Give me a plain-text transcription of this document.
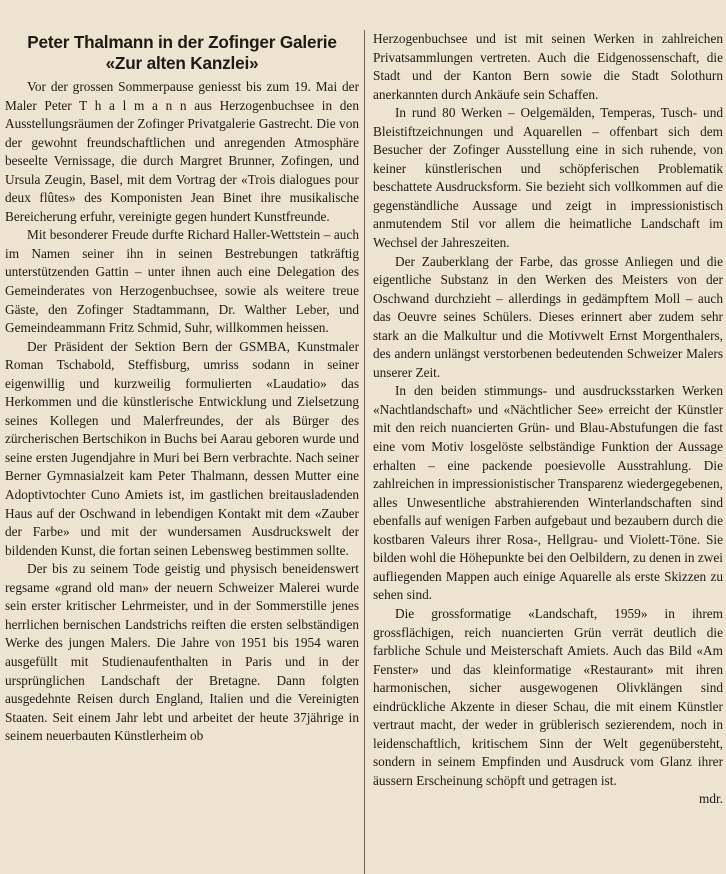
Peter Thalmann in der Zofinger Galerie
«Zur alten Kanzlei»

Vor der grossen Sommerpause geniesst bis zum 19. Mai der Maler Peter T h a l m a n n aus Herzogenbuchsee in den Ausstellungsräumen der Zofinger Privatgalerie Gastrecht. Die von der gewohnt freundschaftlichen und anregenden Atmosphäre beseelte Vernissage, die durch Margret Brunner, Zofingen, und Ursula Zeugin, Basel, mit dem Vortrag der «Trois dialogues pour deux flûtes» des Komponisten Jean Binet ihre musikalische Bereicherung erfuhr, vereinigte gegen hundert Kunstfreunde.

Mit besonderer Freude durfte Richard Haller-Wettstein – auch im Namen seiner ihn in seinen Bestrebungen tatkräftig unterstützenden Gattin – unter ihnen auch eine Delegation des Gemeinderates von Herzogenbuchsee, sowie als weitere treue Gäste, den Zofinger Stadtammann, Dr. Walther Leber, und Gemeindeammann Fritz Schmid, Suhr, willkommen heissen.

Der Präsident der Sektion Bern der GSMBA, Kunstmaler Roman Tschabold, Steffisburg, umriss sodann in seiner eigenwillig und kurzweilig formulierten «Laudatio» das Herkommen und die künstlerische Entwicklung und Zielsetzung seines Kollegen und Malerfreundes, der als Bürger des zürcherischen Bertschikon in Buchs bei Aarau geboren wurde und seine ersten Jugendjahre in Muri bei Bern verbrachte. Nach seiner Berner Gymnasialzeit kam Peter Thalmann, dessen Mutter eine Adoptivtochter Cuno Amiets ist, im gastlichen breitausladenden Haus auf der Oschwand in lebendigen Kontakt mit dem «Zauber der Farbe» und mit der wundersamen Ausdruckswelt der bildenden Kunst, die fortan seinen Lebensweg bestimmen sollte.

Der bis zu seinem Tode geistig und physisch beneidenswert regsame «grand old man» der neuern Schweizer Malerei wurde sein erster kritischer Lehrmeister, und in der Sommerstille jenes herrlichen bernischen Landstrichs reiften die ersten selbständigen Werke des jungen Malers. Die Jahre von 1951 bis 1954 waren ausgefüllt mit Studienaufenthalten in Paris und in der ursprünglichen Landschaft der Bretagne. Dann folgten ausgedehnte Reisen durch England, Italien und die Vereinigten Staaten. Seit einem Jahr lebt und arbeitet der heute 37jährige in seinem neuerbauten Künstlerheim ob

Herzogenbuchsee und ist mit seinen Werken in zahlreichen Privatsammlungen vertreten. Auch die Eidgenossenschaft, die Stadt und der Kanton Bern sowie die Stadt Solothurn anerkannten durch Ankäufe sein Schaffen.

In rund 80 Werken – Oelgemälden, Temperas, Tusch- und Bleistiftzeichnungen und Aquarellen – offenbart sich dem Besucher der Zofinger Ausstellung eine in sich ruhende, von keiner künstlerischen und schöpferischen Problematik beschattete Ausdrucksform. Sie bezieht sich vollkommen auf die gegenständliche Aussage und zeigt in impressionistisch anmutendem Stil vor allem die heimatliche Landschaft im Wechsel der Jahreszeiten.

Der Zauberklang der Farbe, das grosse Anliegen und die eigentliche Substanz in den Werken des Meisters von der Oschwand durchzieht – allerdings in gedämpftem Moll – auch das Oeuvre seines Schülers. Dieses erinnert aber zudem sehr stark an die Malkultur und die Motivwelt Ernst Morgenthalers, des andern unlängst verstorbenen bedeutenden Schweizer Malers unserer Zeit.

In den beiden stimmungs- und ausdrucksstarken Werken «Nachtlandschaft» und «Nächtlicher See» erreicht der Künstler mit den reich nuancierten Grün- und Blau-Abstufungen die fast eine vom Motiv losgelöste selbständige Funktion der Aussage erhalten – eine packende poesievolle Ausstrahlung. Die zahlreichen in impressionistischer Transparenz wiedergegebenen, alles Unwesentliche abstrahierenden Winterlandschaften sind ebenfalls auf wenigen Farben aufgebaut und bezaubern durch die kostbaren Valeurs ihrer Rosa-, Hellgrau- und Violett-Töne. Sie bilden wohl die Höhepunkte bei den Oelbildern, zu denen in zwei aufliegenden Mappen auch einige Aquarelle als erste Skizzen zu sehen sind.

Die grossformatige «Landschaft, 1959» in ihrem grossflächigen, reich nuancierten Grün verrät deutlich die farbliche Schule und Meisterschaft Amiets. Auch das Bild «Am Fenster» und das kleinformatige «Restaurant» mit ihren harmonischen, sicher ausgewogenen Olivklängen sind eindrückliche Akzente in dieser Schau, die mit einem Künstler vertraut macht, der weder in grüblerisch sezierendem, noch in leidenschaftlich, kritischem Sinn der Welt gegenübersteht, sondern in seinem Empfinden und Ausdruck vom Glanz ihrer äussern Erscheinung schöpft und getragen ist.

mdr.
